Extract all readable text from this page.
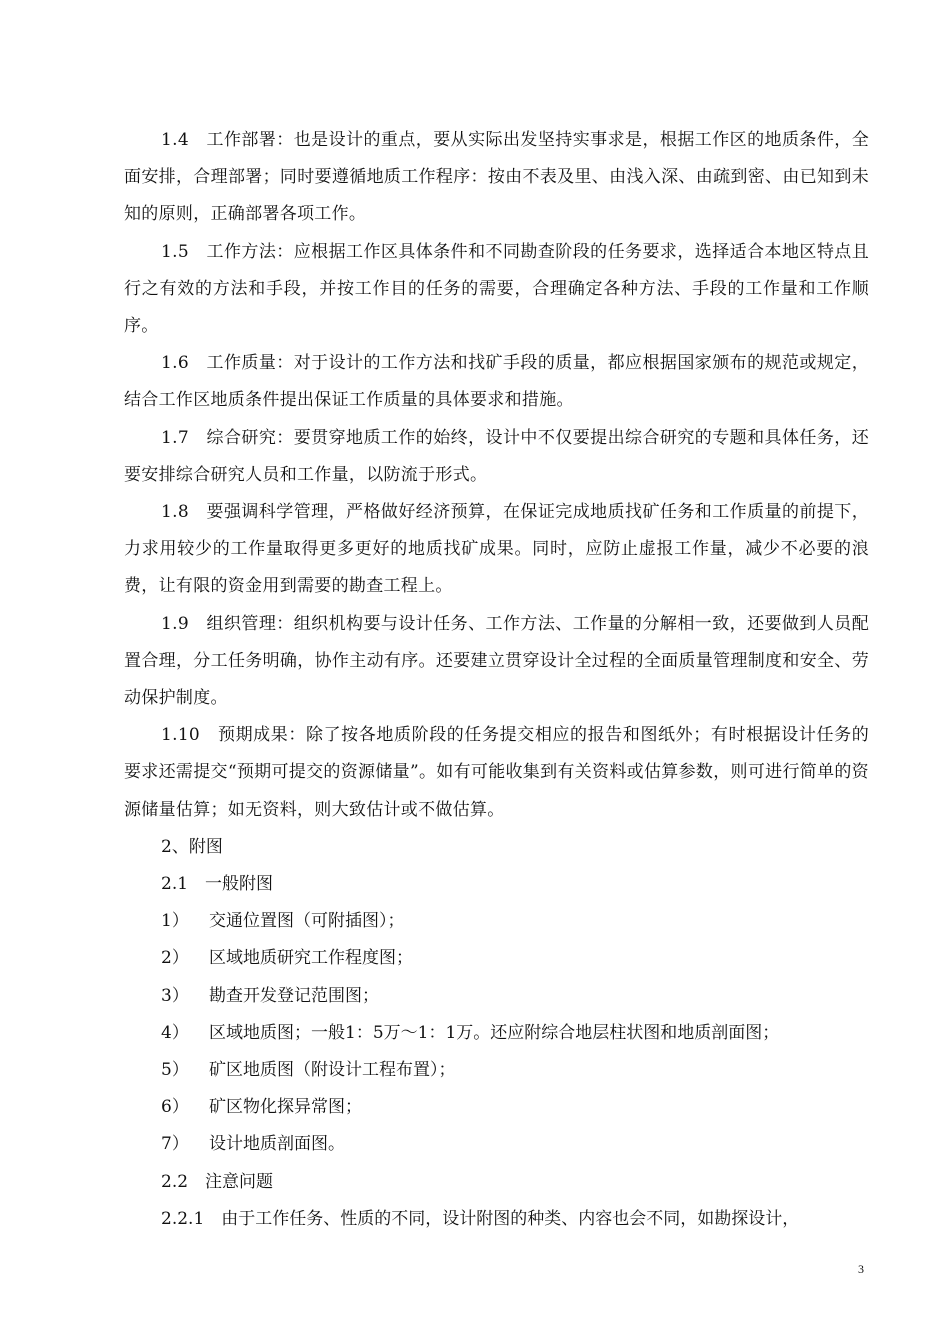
1.4　工作部署：也是设计的重点，要从实际出发坚持实事求是，根据工作区的地质条件，全面安排，合理部署；同时要遵循地质工作程序：按由不表及里、由浅入深、由疏到密、由已知到未知的原则，正确部署各项工作。

1.5　工作方法：应根据工作区具体条件和不同勘查阶段的任务要求，选择适合本地区特点且行之有效的方法和手段，并按工作目的任务的需要，合理确定各种方法、手段的工作量和工作顺序。

1.6　工作质量：对于设计的工作方法和找矿手段的质量，都应根据国家颁布的规范或规定，结合工作区地质条件提出保证工作质量的具体要求和措施。

1.7　综合研究：要贯穿地质工作的始终，设计中不仅要提出综合研究的专题和具体任务，还要安排综合研究人员和工作量，以防流于形式。

1.8　要强调科学管理，严格做好经济预算，在保证完成地质找矿任务和工作质量的前提下，力求用较少的工作量取得更多更好的地质找矿成果。同时，应防止虚报工作量，减少不必要的浪费，让有限的资金用到需要的勘查工程上。

1.9　组织管理：组织机构要与设计任务、工作方法、工作量的分解相一致，还要做到人员配置合理，分工任务明确，协作主动有序。还要建立贯穿设计全过程的全面质量管理制度和安全、劳动保护制度。

1.10　预期成果：除了按各地质阶段的任务提交相应的报告和图纸外；有时根据设计任务的要求还需提交“预期可提交的资源储量”。如有可能收集到有关资料或估算参数，则可进行简单的资源储量估算；如无资料，则大致估计或不做估算。

2、附图

2.1　一般附图

1） 交通位置图（可附插图）；

2） 区域地质研究工作程度图；

3） 勘查开发登记范围图；

4） 区域地质图；一般1：5万～1：1万。还应附综合地层柱状图和地质剖面图；

5） 矿区地质图（附设计工程布置）；

6） 矿区物化探异常图；

7） 设计地质剖面图。

2.2　注意问题

2.2.1　由于工作任务、性质的不同，设计附图的种类、内容也会不同，如勘探设计，

3
